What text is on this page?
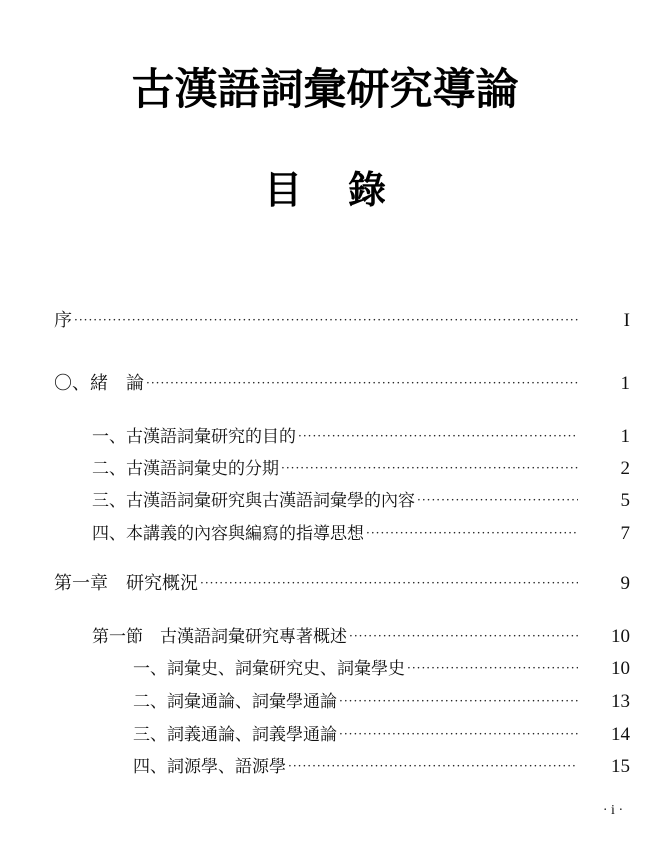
古漢語詞彙研究導論
目 錄
序 ·····	I
〇、緒　論 ·····	1
一、古漢語詞彙研究的目的 ·····	1
二、古漢語詞彙史的分期 ·····	2
三、古漢語詞彙研究與古漢語詞彙學的內容 ·····	5
四、本講義的內容與編寫的指導思想 ·····	7
第一章　研究概況 ·····	9
第一節　古漢語詞彙研究專著概述 ·····	10
一、詞彙史、詞彙研究史、詞彙學史 ·····	10
二、詞彙通論、詞彙學通論 ·····	13
三、詞義通論、詞義學通論 ·····	14
四、詞源學、語源學 ·····	15
· i ·
